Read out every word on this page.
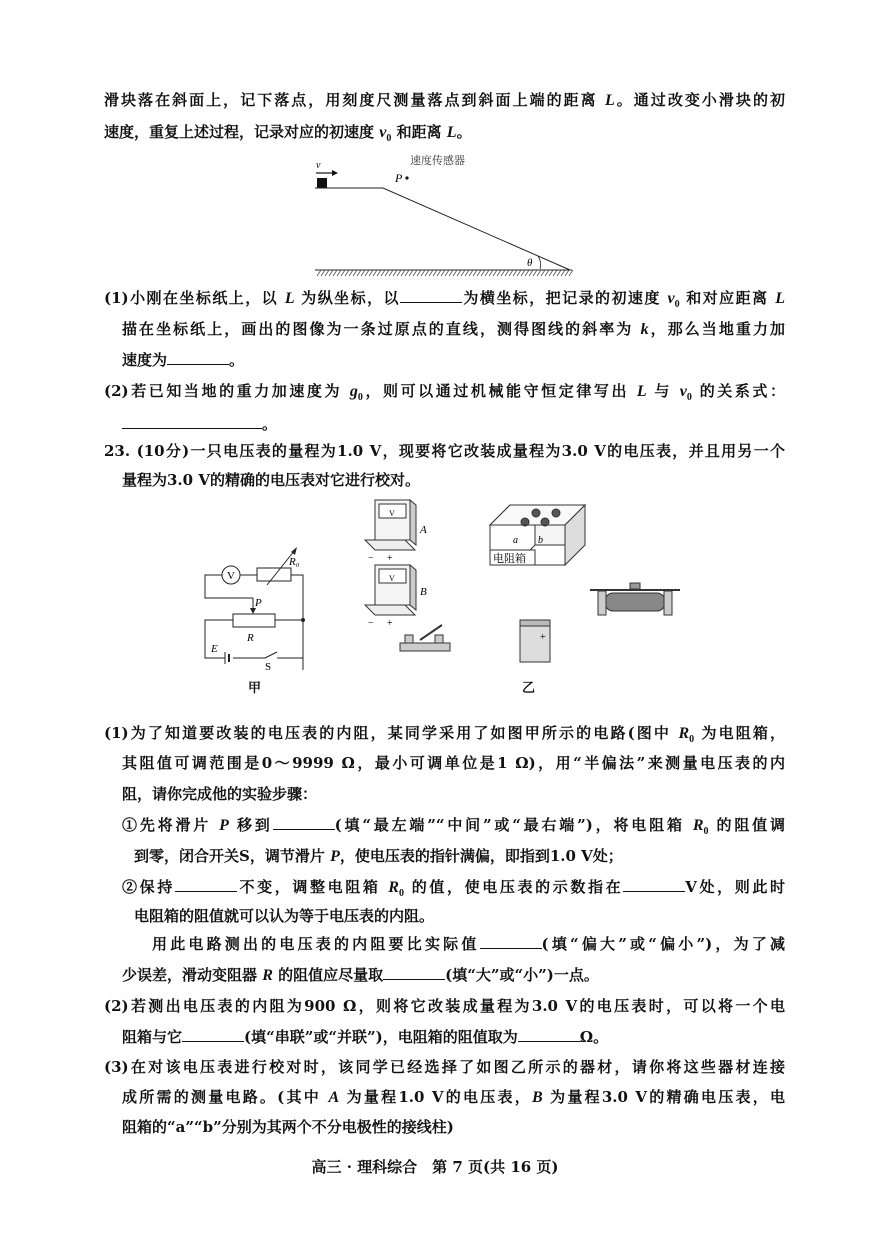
滑块落在斜面上，记下落点，用刻度尺测量落点到斜面上端的距离 L。通过改变小滑块的初
速度，重复上述过程，记录对应的初速度 $v_0$ 和距离 L。
(1)小刚在坐标纸上，以 L 为纵坐标，以	为横坐标，把记录的初速度 $v_0$ 和对应距离 L
描在坐标纸上，画出的图像为一条过原点的直线，测得图线的斜率为 k，那么当地重力加
速度为	。
(2)若已知当地的重力加速度为 $g_0$，则可以通过机械能守恒定律写出 L 与 $v_0$ 的关系式：
。
23. (10分)一只电压表的量程为1.0 V，现要将它改装成量程为3.0 V的电压表，并且用另一个
量程为3.0 V的精确的电压表对它进行校对。
(1)为了知道要改装的电压表的内阻，某同学采用了如图甲所示的电路(图中 $R_0$ 为电阻箱，
其阻值可调范围是0～9999 Ω，最小可调单位是1 Ω)，用“半偏法”来测量电压表的内
阻，请你完成他的实验步骤：
①先将滑片 P 移到	(填“最左端”“中间”或“最右端”)，将电阻箱 $R_0$ 的阻值调
到零，闭合开关S，调节滑片 P，使电压表的指针满偏，即指到1.0 V处；
②保持	不变，调整电阻箱 $R_0$ 的值，使电压表的示数指在	V处，则此时
电阻箱的阻值就可以认为等于电压表的内阻。
用此电路测出的电压表的内阻要比实际值	(填“偏大”或“偏小”)，为了减
少误差，滑动变阻器 R 的阻值应尽量取	(填“大”或“小”)一点。
(2)若测出电压表的内阻为900 Ω，则将它改装成量程为3.0 V的电压表时，可以将一个电
阻箱与它	(填“串联”或“并联”)，电阻箱的阻值取为	Ω。
(3)在对该电压表进行校对时，该同学已经选择了如图乙所示的器材，请你将这些器材连接
成所需的测量电路。(其中 A 为量程1.0 V的电压表，B 为量程3.0 V的精确电压表，电
阻箱的“a”“b”分别为其两个不分电极性的接线柱)
速度传感器
v
P
θ
V
R₀
P
R
E
S
甲
V
A
− +
V
B
− +
a b
电阻箱
+
乙
高三 · 理科综合　第 7 页(共 16 页)
